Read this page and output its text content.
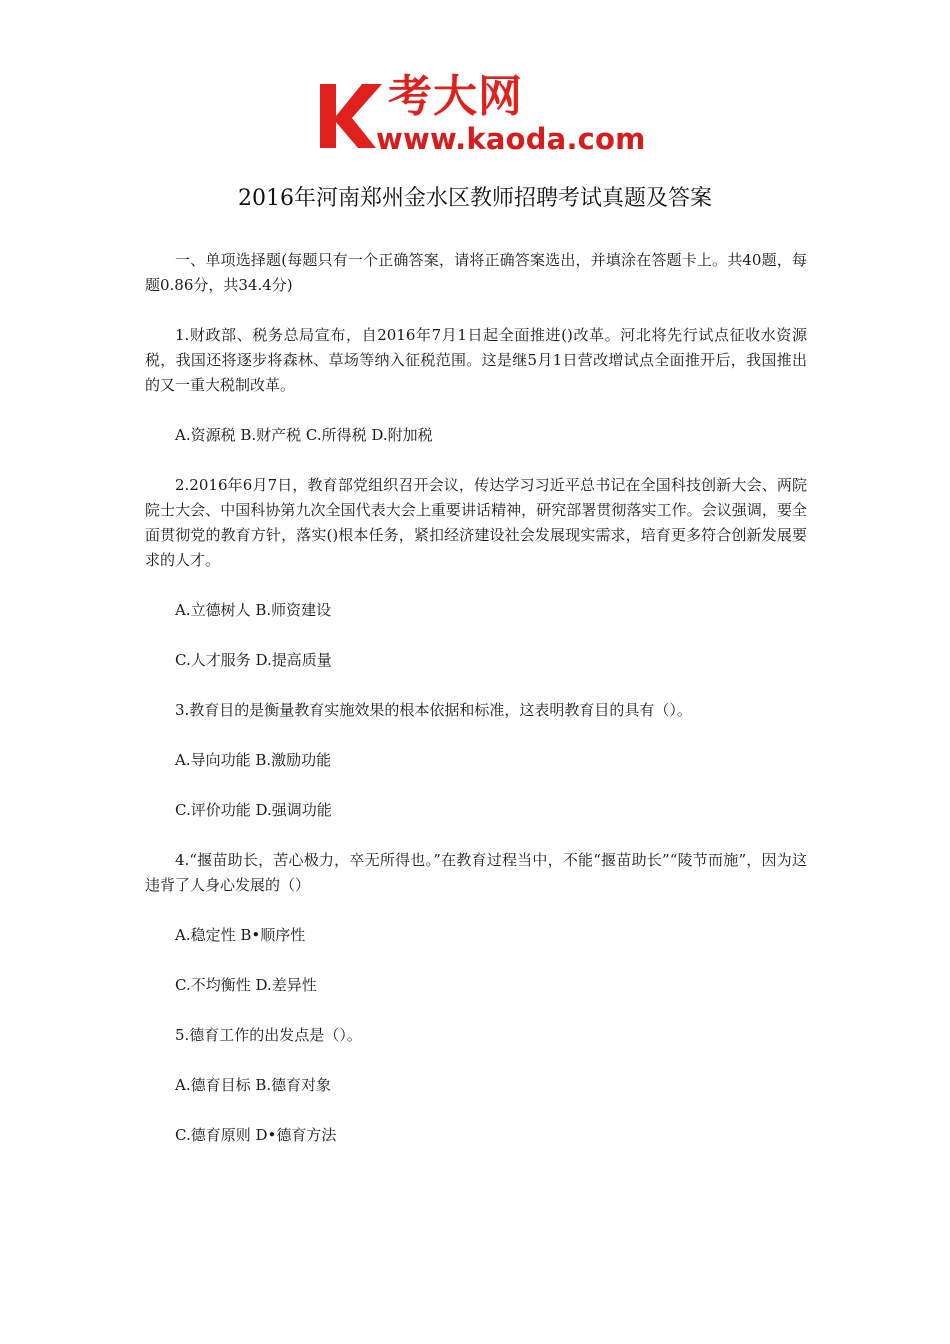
考大网
www.kaoda.com
2016年河南郑州金水区教师招聘考试真题及答案

一、单项选择题(每题只有一个正确答案，请将正确答案选出，并填涂在答题卡上。共40题，每题0.86分，共34.4分)

1.财政部、税务总局宣布，自2016年7月1日起全面推进()改革。河北将先行试点征收水资源税，我国还将逐步将森林、草场等纳入征税范围。这是继5月1日营改增试点全面推开后，我国推出的又一重大税制改革。

A.资源税 B.财产税 C.所得税 D.附加税

2.2016年6月7日，教育部党组织召开会议，传达学习习近平总书记在全国科技创新大会、两院院士大会、中国科协第九次全国代表大会上重要讲话精神，研究部署贯彻落实工作。会议强调，要全面贯彻党的教育方针，落实()根本任务，紧扣经济建设社会发展现实需求，培育更多符合创新发展要求的人才。

A.立德树人 B.师资建设

C.人才服务 D.提高质量

3.教育目的是衡量教育实施效果的根本依据和标准，这表明教育目的具有（）。

A.导向功能 B.激励功能

C.评价功能 D.强调功能

4.“揠苗助长，苦心极力，卒无所得也。”在教育过程当中，不能“揠苗助长”“陵节而施”，因为这违背了人身心发展的（）

A.稳定性 B•顺序性

C.不均衡性 D.差异性

5.德育工作的出发点是（）。

A.德育目标 B.德育对象

C.德育原则 D•德育方法
